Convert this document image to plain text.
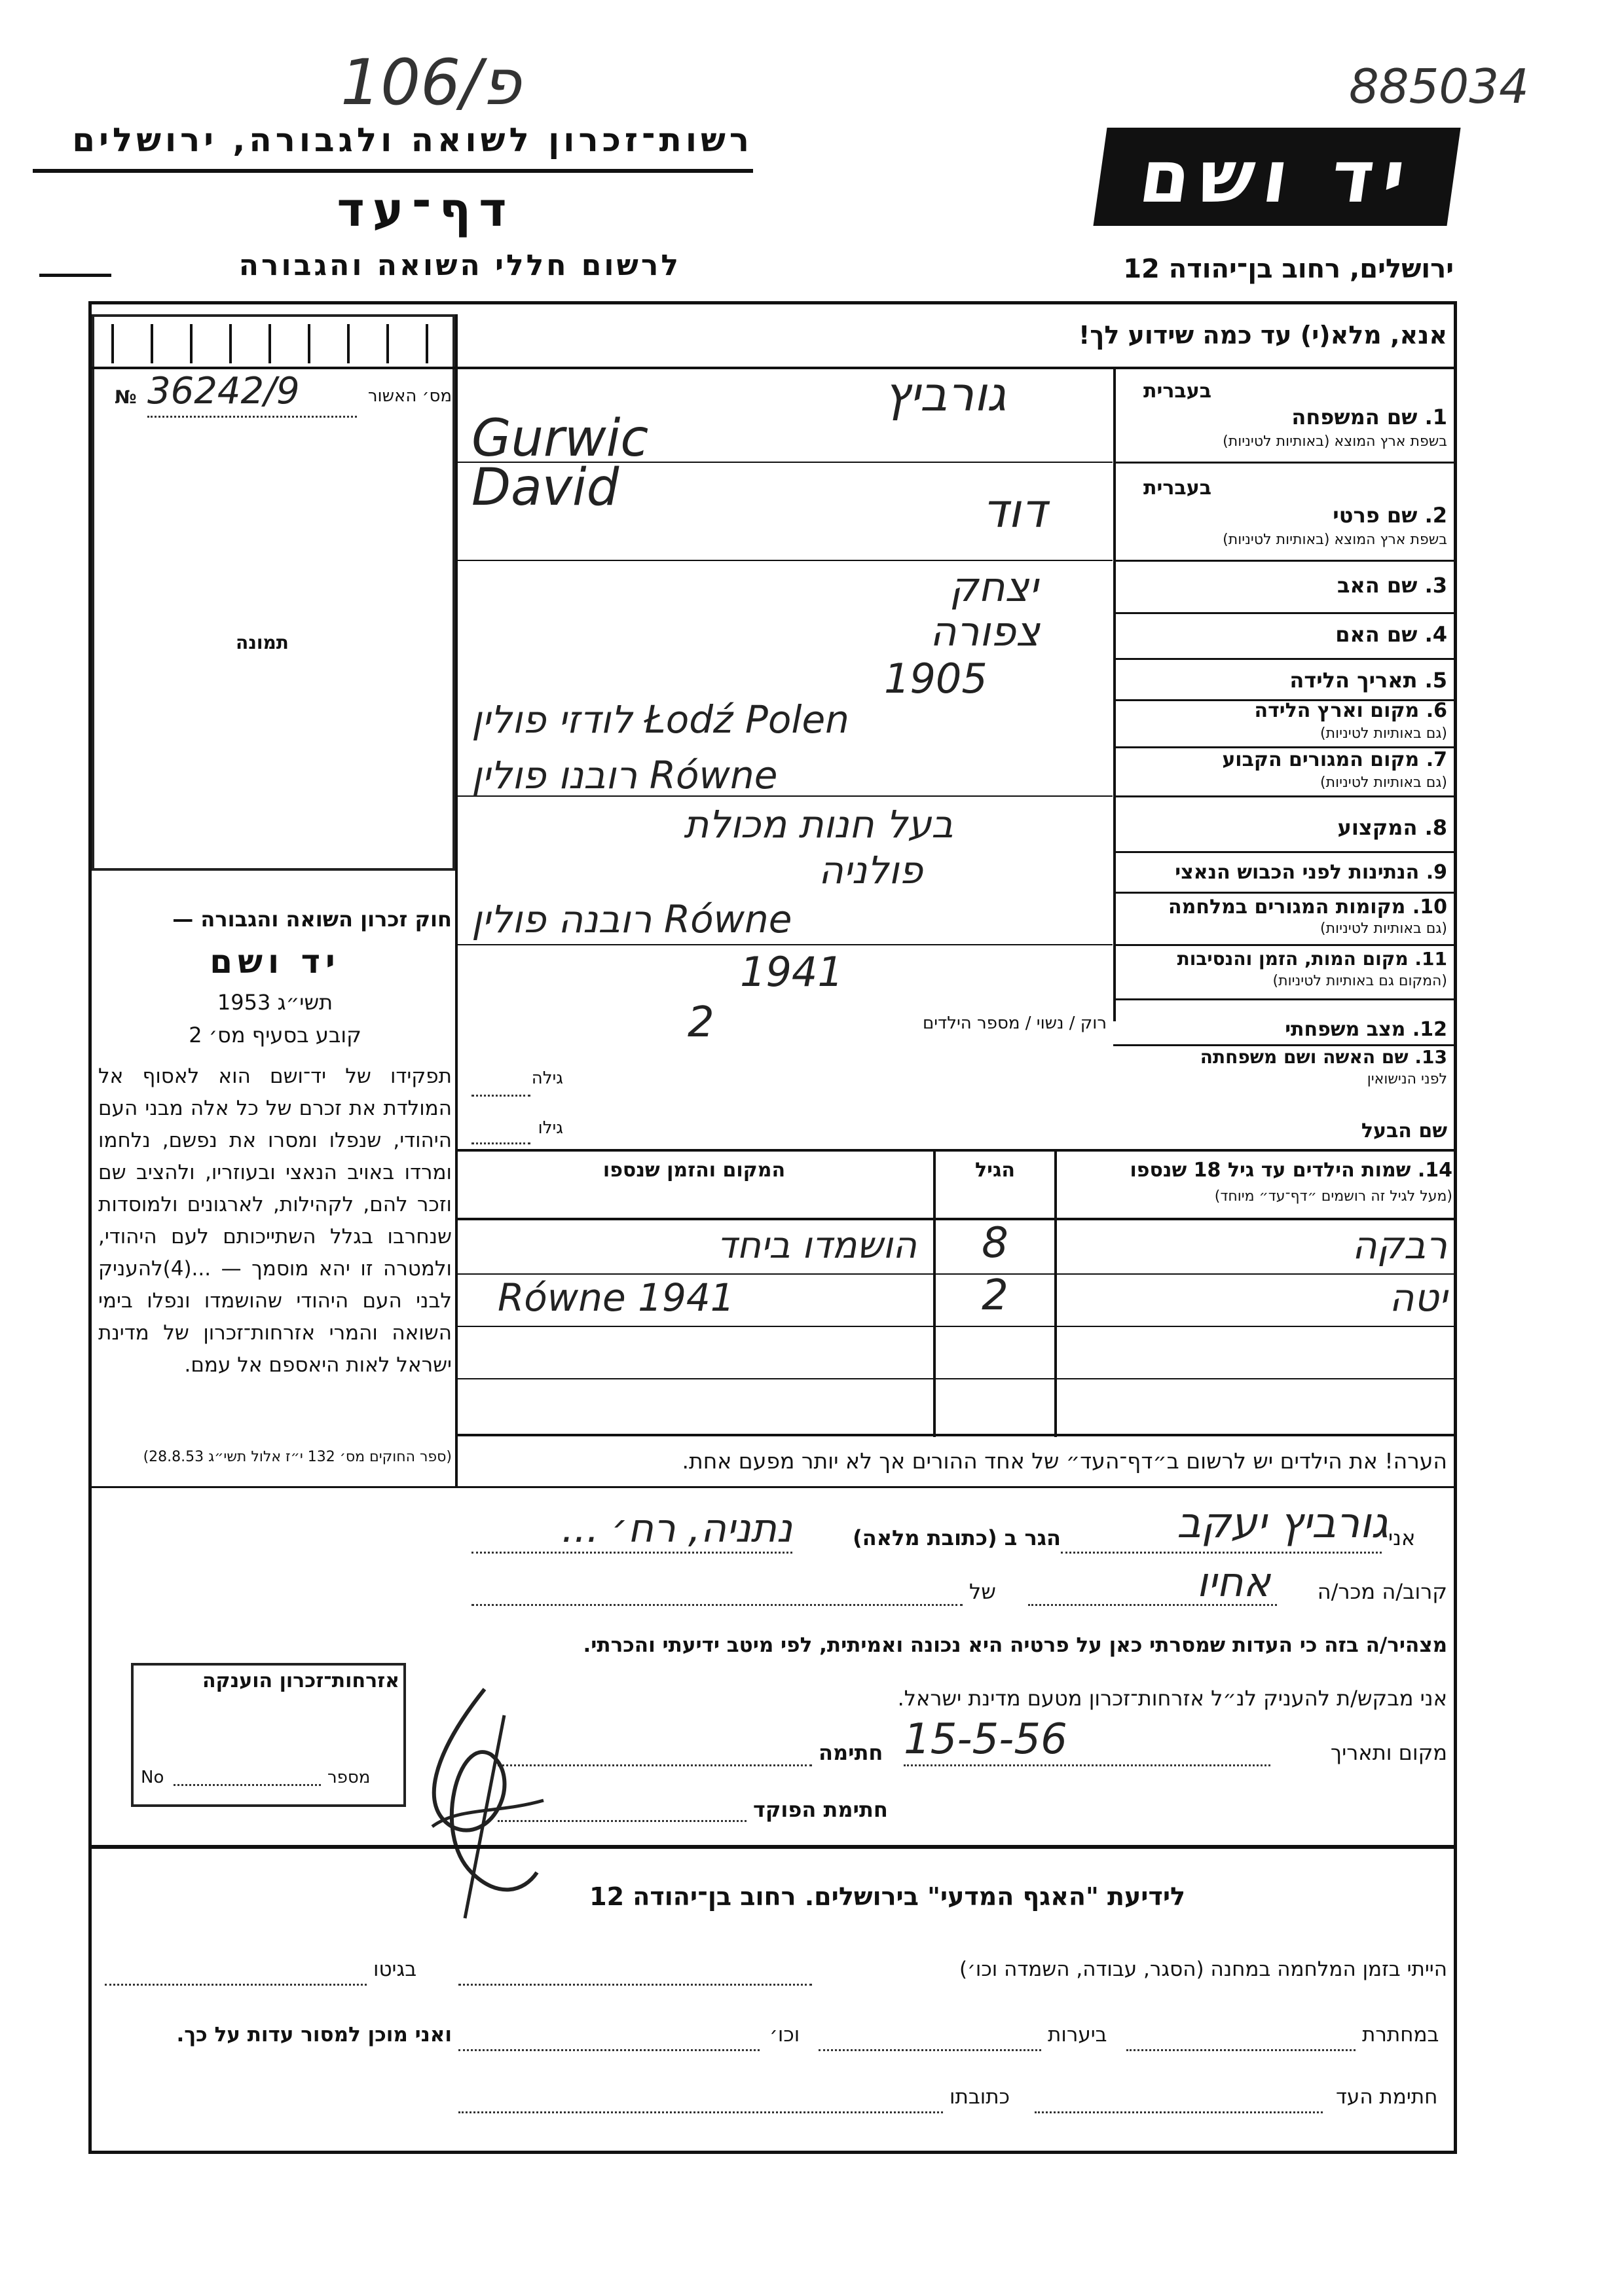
106/פ	885034
רשות־זכרון לשואה ולגבורה, ירושלים
דף־עד
לרשום חללי השואה והגבורה
יד ושם
ירושלים, רחוב בן־יהודה 12
אנא, מלא(י) עד כמה שידוע לך!
מס׳ האשור
№ 36242/9
תמונה
חוק זכרון השואה והגבורה —
יד ושם
תשי״ג 1953
קובע בסעיף מס׳ 2
תפקידו של יד־ושם הוא לאסוף אל המולדת את זכרם של כל אלה מבני העם היהודי, שנפלו ומסרו את נפשם, נלחמו ומרדו באויב הנאצי ובעוזריו, ולהציב שם וזכר להם, לקהילות, לארגונים ולמוסדות שנחרבו בגלל השתייכותם לעם היהודי, ולמטרה זו יהא מוסמך — ...(4)להעניק לבני העם היהודי שהושמדו ונפלו בימי השואה והמרי אזרחות־זכרון של מדינת ישראל לאות היאספם אל עמם.
(ספר החוקים מס׳ 132 י״ז אלול תשי״ג 28.8.53)
בעברית
1. שם המשפחה
בשפת ארץ המוצא (באותיות לטיניות)
בעברית
2. שם פרטי
בשפת ארץ המוצא (באותיות לטיניות)
3. שם האב
4. שם האם
5. תאריך הלידה
6. מקום וארץ הלידה
(גם באותיות לטיניות)
7. מקום המגורים הקבוע
(גם באותיות לטיניות)
8. המקצוע
9. הנתינות לפני הכבוש הנאצי
10. מקומות המגורים במלחמה
(גם באותיות לטיניות)
11. מקום המות, הזמן והנסיבות
(המקום גם באותיות לטיניות)
12. מצב משפחתי
רוק / נשוי / מספר הילדים
13. שם האשה ושם משפחתה
לפני הנישואין
גילה
שם הבעל
גילו
גורביץ
Gurwic
דוד
David
יצחק
צפורה
1905
לודזי פולין Łodź Polen
רובנו פולין Równe
בעל חנות מכולת
פולניה
רובנה פולין Równe
1941
2
14. שמות הילדים עד גיל 18 שנספו
(מעל לגיל זה רושמים ״דף־עד״ מיוחד)
הגיל
המקום והזמן שנספו
רבקה
8
הושמדו ביחד
יטה
2
Równe 1941
הערה! את הילדים יש לרשום ב״דף־העד״ של אחד ההורים אך לא יותר מפעם אחת.
אני
גורביץ יעקב
הגר ב (כתובת מלאה)
נתניה, רח׳ ...
קרוב/ה מכר/ה
אחיו
של
מצהיר/ה בזה כי העדות שמסרתי כאן על פרטיה היא נכונה ואמיתית, לפי מיטב ידיעתי והכרתי.
אני מבקש/ת להעניק לנ״ל אזרחות־זכרון מטעם מדינת ישראל.
מקום ותאריך
15-5-56
חתימה
חתימת הפוקד
אזרחות־זכרון הוענקה
מספר
No
לידיעת "האגף המדעי" בירושלים. רחוב בן־יהודה 12
הייתי בזמן המלחמה במחנה (הסגר, עבודה, השמדה וכו׳)
בגיטו
במחתרת
ביערות
וכו׳
ואני מוכן למסור עדות על כך.
חתימת העד
כתובתו
